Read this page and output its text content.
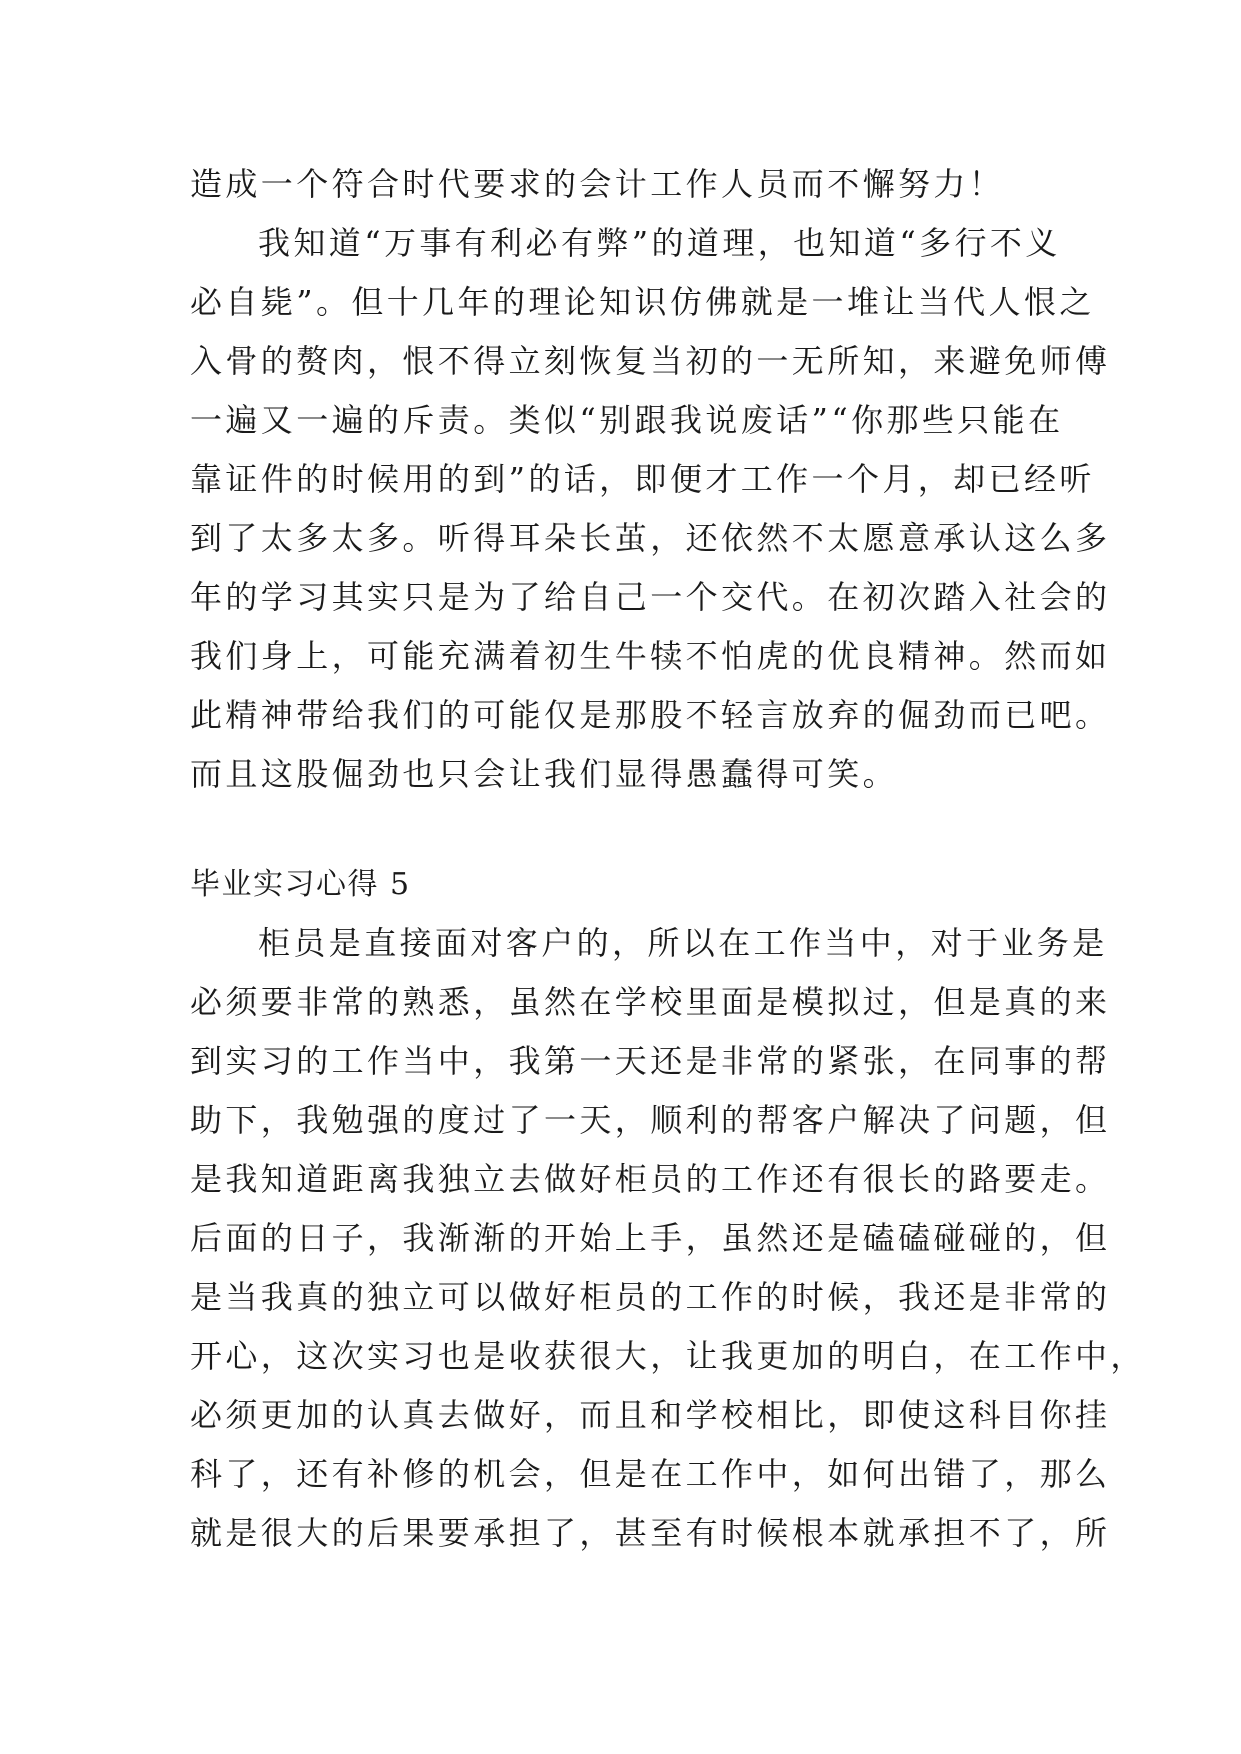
造成一个符合时代要求的会计工作人员而不懈努力！
我知道“万事有利必有弊”的道理，也知道“多行不义
必自毙”。但十几年的理论知识仿佛就是一堆让当代人恨之
入骨的赘肉，恨不得立刻恢复当初的一无所知，来避免师傅
一遍又一遍的斥责。类似“别跟我说废话”“你那些只能在
靠证件的时候用的到”的话，即便才工作一个月，却已经听
到了太多太多。听得耳朵长茧，还依然不太愿意承认这么多
年的学习其实只是为了给自己一个交代。在初次踏入社会的
我们身上，可能充满着初生牛犊不怕虎的优良精神。然而如
此精神带给我们的可能仅是那股不轻言放弃的倔劲而已吧。
而且这股倔劲也只会让我们显得愚蠢得可笑。
毕业实习心得 5
柜员是直接面对客户的，所以在工作当中，对于业务是
必须要非常的熟悉，虽然在学校里面是模拟过，但是真的来
到实习的工作当中，我第一天还是非常的紧张，在同事的帮
助下，我勉强的度过了一天，顺利的帮客户解决了问题，但
是我知道距离我独立去做好柜员的工作还有很长的路要走。
后面的日子，我渐渐的开始上手，虽然还是磕磕碰碰的，但
是当我真的独立可以做好柜员的工作的时候，我还是非常的
开心，这次实习也是收获很大，让我更加的明白，在工作中，
必须更加的认真去做好，而且和学校相比，即使这科目你挂
科了，还有补修的机会，但是在工作中，如何出错了，那么
就是很大的后果要承担了，甚至有时候根本就承担不了，所
